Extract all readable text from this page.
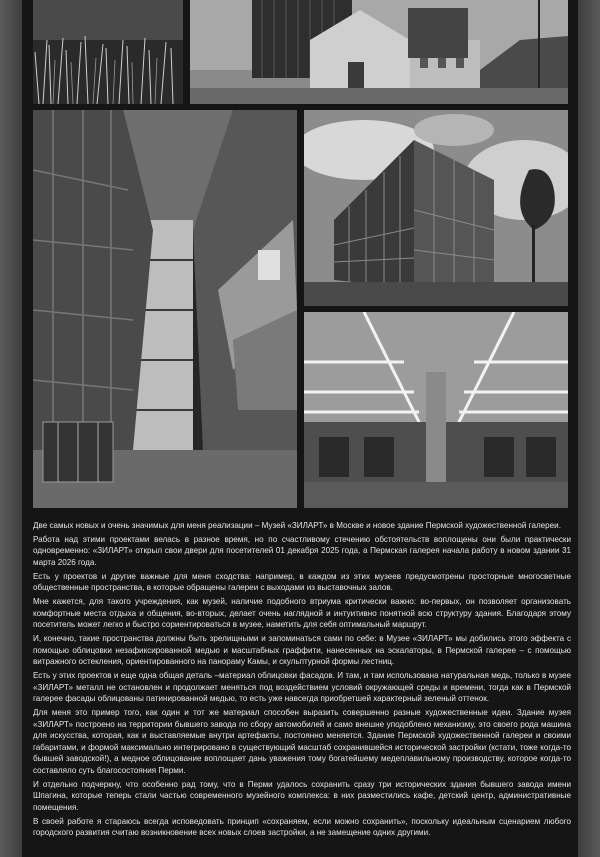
Две самых новых и очень значимых для меня реализации – Музей «ЗИЛАРТ» в Москве и новое здание Пермской художественной галереи.

Работа над этими проектами велась в разное время, но по счастливому стечению обстоятельств воплощены они были практически одновременно: «ЗИЛАРТ» открыл свои двери для посетителей 01 декабря 2025 года, а Пермская галерея начала работу в новом здании 31 марта 2026 года.

Есть у проектов и другие важные для меня сходства: например, в каждом из этих музеев предусмотрены просторные многосветные общественные пространства, в которые обращены галереи с выходами из выставочных залов.

Мне кажется, для такого учреждения, как музей, наличие подобного втриума критически важно: во-первых, он позволяет организовать комфортные места отдыха и общения, во-вторых, делает очень наглядной и интуитивно понятной всю структуру здания. Благодаря этому посетитель может легко и быстро сориентироваться в музее, наметить для себя оптимальный маршрут.

И, конечно, такие пространства должны быть зрелищными и запоминаться сами по себе: в Музее «ЗИЛАРТ» мы добились этого эффекта с помощью облицовки незафиксированной медью и масштабных граффити, нанесенных на эскалаторы, в Пермской галерее – с помощью витражного остекления, ориентированного на панораму Камы, и скульптурной формы лестниц.

Есть у этих проектов и еще одна общая деталь –материал облицовки фасадов. И там, и там использована натуральная медь, только в музее «ЗИЛАРТ» металл не остановлен и продолжает меняться под воздействием условий окружающей среды и времени, тогда как в Пермской галерее фасады облицованы патинированной медью, то есть уже навсегда приобретшей характерный зеленый оттенок.

Для меня это пример того, как один и тот же материал способен выразить совершенно разные художественные идеи. Здание музея «ЗИЛАРТ» построено на территории бывшего завода по сбору автомобилей и само внешне уподоблено механизму, это своего рода машина для искусства, которая, как и выставляемые внутри артефакты, постоянно меняется. Здание Пермской художественной галереи и своими габаритами, и формой максимально интегрировано в существующий масштаб сохранившейся исторической застройки (кстати, тоже когда-то бывшей заводской!), а медное облицование воплощает дань уважения тому богатейшему медеплавильному производству, которое когда-то составляло суть благосостояния Перми.

И отдельно подчеркну, что особенно рад тому, что в Перми удалось сохранить сразу три исторических здания бывшего завода имени Шпагина, которые теперь стали частью современного музейного комплекса: в них разместились кафе, детский центр, административные помещения.

В своей работе я стараюсь всегда исповедовать принцип «сохраняем, если можно сохранить», поскольку идеальным сценарием любого городского развития считаю возникновение всех новых слоев застройки, а не замещение одних другими.
